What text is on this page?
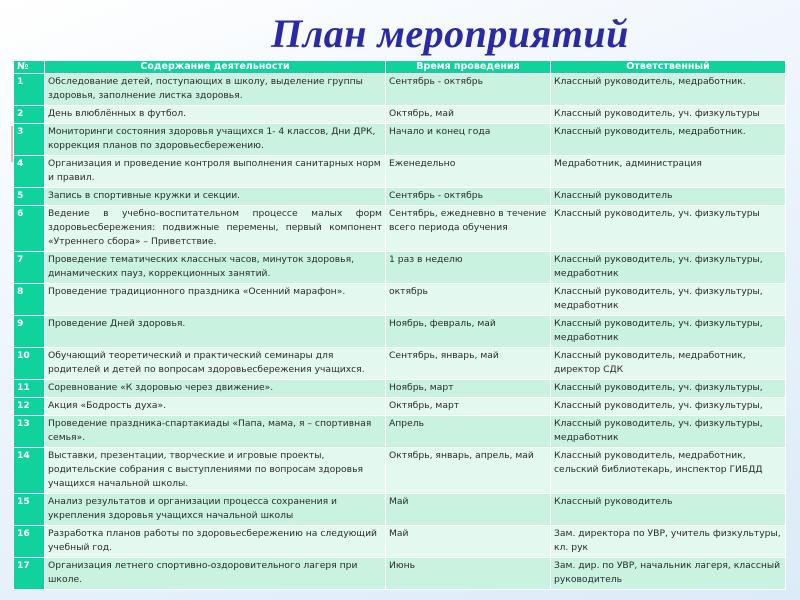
План мероприятий
№	Содержание деятельности	Время проведения	Ответственный
1	Обследование детей, поступающих в школу, выделение группы здоровья, заполнение листка здоровья.	Сентябрь - октябрь	Классный руководитель, медработник.
2	День влюблённых в футбол.	Октябрь, май	Классный руководитель, уч. физкультуры
3	Мониторинги состояния здоровья учащихся 1- 4 классов, Дни ДРК, коррекция планов по здоровьесбережению.	Начало и конец года	Классный руководитель, медработник.
4	Организация и проведение контроля выполнения санитарных норм и правил.	Еженедельно	Медработник, администрация
5	Запись в спортивные кружки и секции.	Сентябрь - октябрь	Классный руководитель
6	Ведение в учебно-воспитательном процессе малых форм здоровьесбережения: подвижные перемены, первый компонент «Утреннего сбора» – Приветствие.	Сентябрь, ежедневно в течение всего периода обучения	Классный руководитель, уч. физкультуры
7	Проведение тематических классных часов, минуток здоровья, динамических пауз, коррекционных занятий.	1 раз в неделю	Классный руководитель, уч. физкультуры, медработник
8	Проведение традиционного праздника «Осенний марафон».	октябрь	Классный руководитель, уч. физкультуры, медработник
9	Проведение Дней здоровья.	Ноябрь, февраль, май	Классный руководитель, уч. физкультуры, медработник
10	Обучающий теоретический и практический семинары для родителей и детей по вопросам здоровьесбережения учащихся.	Сентябрь, январь, май	Классный руководитель, медработник, директор СДК
11	Соревнование «К здоровью через движение».	Ноябрь, март	Классный руководитель, уч. физкультуры,
12	Акция «Бодрость духа».	Октябрь, март	Классный руководитель, уч. физкультуры,
13	Проведение праздника-спартакиады «Папа, мама, я – спортивная семья».	Апрель	Классный руководитель, уч. физкультуры, медработник
14	Выставки, презентации, творческие и игровые проекты, родительские собрания с выступлениями по вопросам здоровья учащихся начальной школы.	Октябрь, январь, апрель, май	Классный руководитель, медработник, сельский библиотекарь, инспектор ГИБДД
15	Анализ результатов и организации процесса сохранения и укрепления здоровья учащихся начальной школы	Май	Классный руководитель
16	Разработка планов работы по здоровьесбережению на следующий учебный год.	Май	Зам. директора по УВР, учитель физкультуры, кл. рук
17	Организация летнего спортивно-оздоровительного лагеря при школе.	Июнь	Зам. дир. по УВР, начальник лагеря, классный руководитель
